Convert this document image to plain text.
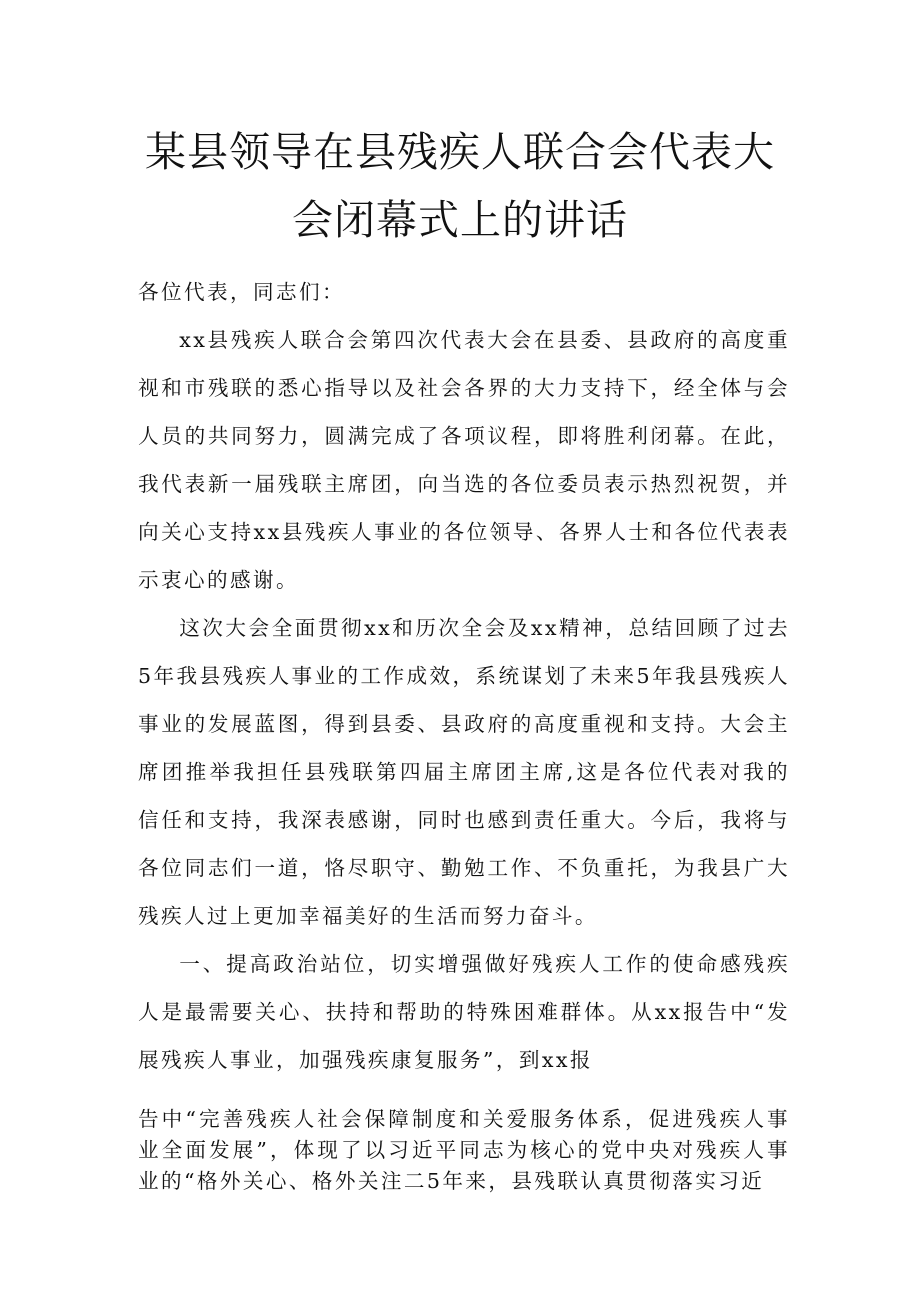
某县领导在县残疾人联合会代表大
会闭幕式上的讲话

各位代表，同志们：

xx县残疾人联合会第四次代表大会在县委、县政府的高度重视和市残联的悉心指导以及社会各界的大力支持下，经全体与会人员的共同努力，圆满完成了各项议程，即将胜利闭幕。在此，我代表新一届残联主席团，向当选的各位委员表示热烈祝贺，并向关心支持xx县残疾人事业的各位领导、各界人士和各位代表表示衷心的感谢。

这次大会全面贯彻xx和历次全会及xx精神，总结回顾了过去5年我县残疾人事业的工作成效，系统谋划了未来5年我县残疾人事业的发展蓝图，得到县委、县政府的高度重视和支持。大会主席团推举我担任县残联第四届主席团主席,这是各位代表对我的信任和支持，我深表感谢，同时也感到责任重大。今后，我将与各位同志们一道，恪尽职守、勤勉工作、不负重托，为我县广大残疾人过上更加幸福美好的生活而努力奋斗。

一、提高政治站位，切实增强做好残疾人工作的使命感残疾人是最需要关心、扶持和帮助的特殊困难群体。从xx报告中“发展残疾人事业，加强残疾康复服务”，到xx报

告中“完善残疾人社会保障制度和关爱服务体系，促进残疾人事业全面发展”，体现了以习近平同志为核心的党中央对残疾人事业的“格外关心、格外关注二5年来，县残联认真贯彻落实习近
